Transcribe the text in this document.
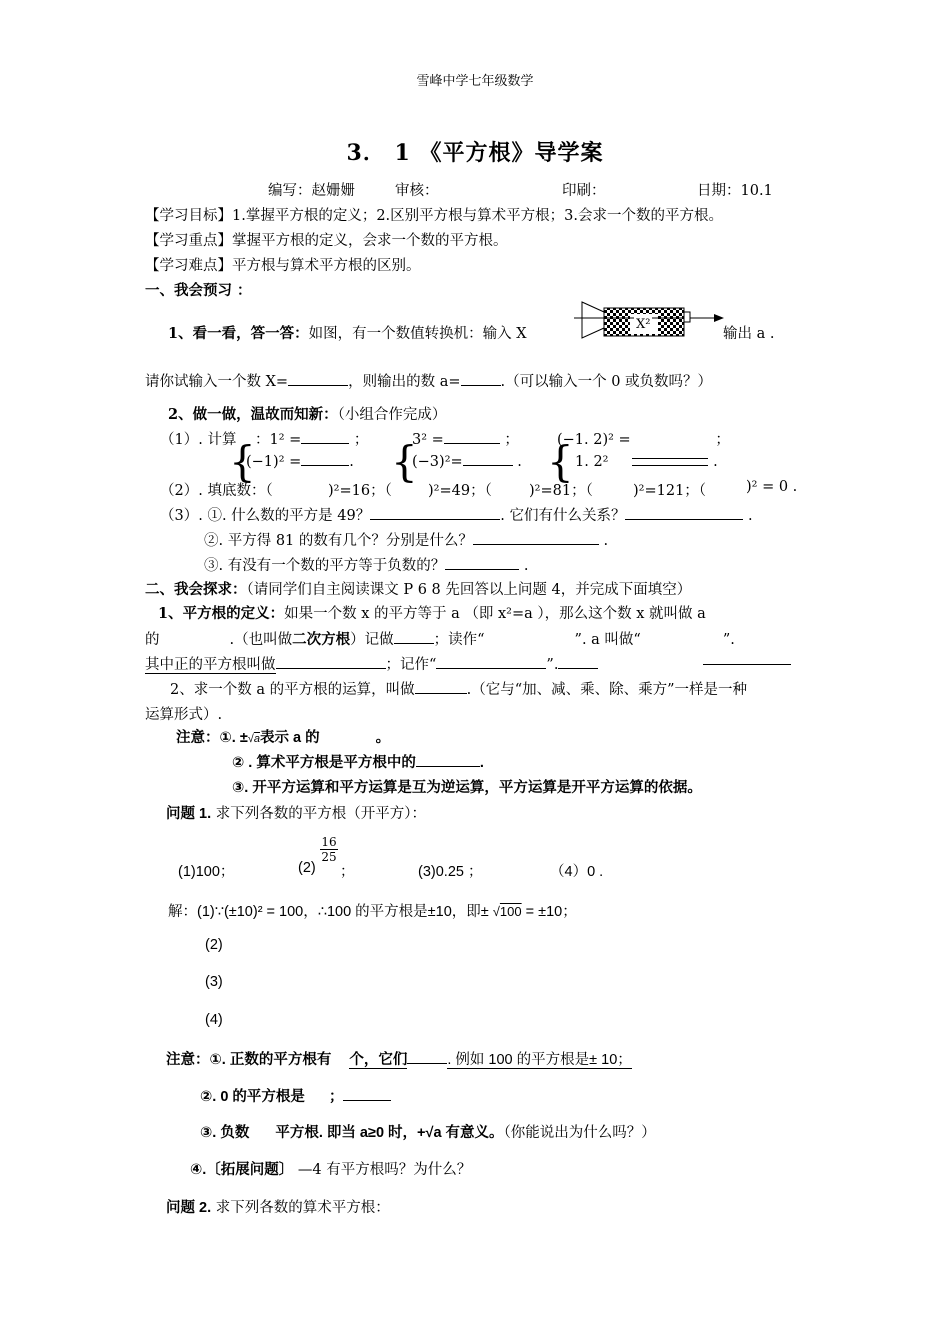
雪峰中学七年级数学
3． 1 《平方根》导学案
编写：赵姗姗	审核：	印刷：	日期：10.1
【学习目标】1.掌握平方根的定义；2.区别平方根与算术平方根；3.会求一个数的平方根。
【学习重点】掌握平方根的定义，会求一个数的平方根。
【学习难点】平方根与算术平方根的区别。
一、我会预习 ：
1、看一看，答一答：如图，有一个数值转换机：输入 X
X²
输出 a .
请你试输入一个数 X=	，则输出的数 a=	.（可以输入一个 0 或负数吗？）
2、做一做，温故而知新：（小组合作完成）
（1）. 计算 ：1² =	；	3² =	；	(−1. 2)² =	；
{
(−1)² =	. {
(−3)²=	. { 1. 2²	.
（2）. 填底数：（	)²=16；（ )²=49；（	)²=81；（	)²=121；（	)² = 0 .
（3）. ①. 什么数的平方是 49？	. 它们有什么关系？	.
②. 平方得 81 的数有几个？分别是什么？	.
③. 有没有一个数的平方等于负数的？	.
二、我会探求：（请同学们自主阅读课文 P 6 8 先回答以上问题 4，并完成下面填空）
1、平方根的定义：如果一个数 x 的平方等于 a （即 x²=a ），那么这个数 x 就叫做 a
的	.（也叫做二次方根）记做	；读作“	”. a 叫做“	”.
其中正的平方根叫做	；记作“	”.
2、求一个数 a 的平方根的运算，叫做	.（它与“加、减、乘、除、乘方”一样是一种
运算形式）.
注意：①. ±√a表示 a 的	。
② . 算术平方根是平方根中的	.
③. 开平方运算和平方运算是互为逆运算，平方运算是开平方运算的依据。
问题 1. 求下列各数的平方根（开平方）：
(1)100；	(2)
$\frac{16}{25}$
；	(3)0.25 ；	（4）0 .
解：(1)∵(±10)² = 100，∴100 的平方根是±10，即± √100 = ±10；
(2)
(3)
(4)
注意：①. 正数的平方根有 个，它们	. 例如 100 的平方根是± 10；
②. 0 的平方根是 ；
③. 负数 平方根. 即当 a≥0 时，+√a 有意义。（你能说出为什么吗？）
④.〔拓展问题〕 —4 有平方根吗？为什么？
问题 2. 求下列各数的算术平方根：
